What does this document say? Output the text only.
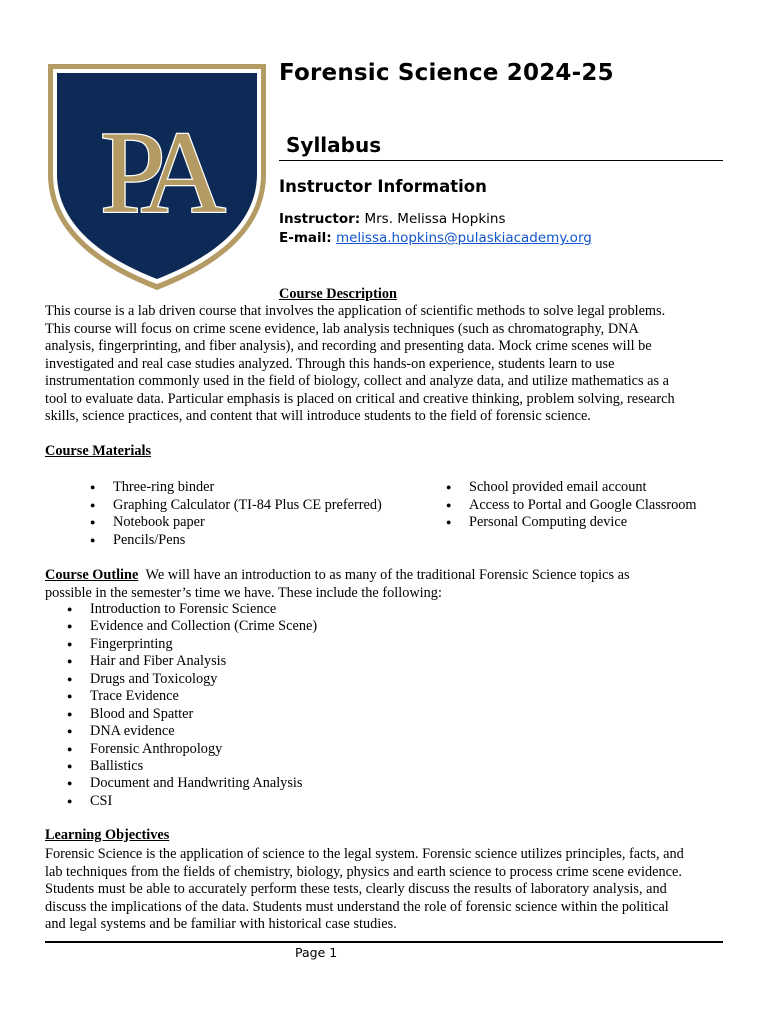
PA
Forensic Science 2024-25
Syllabus
Instructor Information
Instructor: Mrs. Melissa Hopkins
E-mail: melissa.hopkins@pulaskiacademy.org
Course Description
This course is a lab driven course that involves the application of scientific methods to solve legal problems.
This course will focus on crime scene evidence, lab analysis techniques (such as chromatography, DNA
analysis, fingerprinting, and fiber analysis), and recording and presenting data. Mock crime scenes will be
investigated and real case studies analyzed. Through this hands-on experience, students learn to use
instrumentation commonly used in the field of biology, collect and analyze data, and utilize mathematics as a
tool to evaluate data. Particular emphasis is placed on critical and creative thinking, problem solving, research
skills, science practices, and content that will introduce students to the field of forensic science.
Course Materials
● Three-ring binder
● Graphing Calculator (TI-84 Plus CE preferred)
● Notebook paper
● Pencils/Pens
● School provided email account
● Access to Portal and Google Classroom
● Personal Computing device
Course Outline We will have an introduction to as many of the traditional Forensic Science topics as
possible in the semester’s time we have. These include the following:
● Introduction to Forensic Science
● Evidence and Collection (Crime Scene)
● Fingerprinting
● Hair and Fiber Analysis
● Drugs and Toxicology
● Trace Evidence
● Blood and Spatter
● DNA evidence
● Forensic Anthropology
● Ballistics
● Document and Handwriting Analysis
● CSI
Learning Objectives
Forensic Science is the application of science to the legal system. Forensic science utilizes principles, facts, and
lab techniques from the fields of chemistry, biology, physics and earth science to process crime scene evidence.
Students must be able to accurately perform these tests, clearly discuss the results of laboratory analysis, and
discuss the implications of the data. Students must understand the role of forensic science within the political
and legal systems and be familiar with historical case studies.
Page 1
